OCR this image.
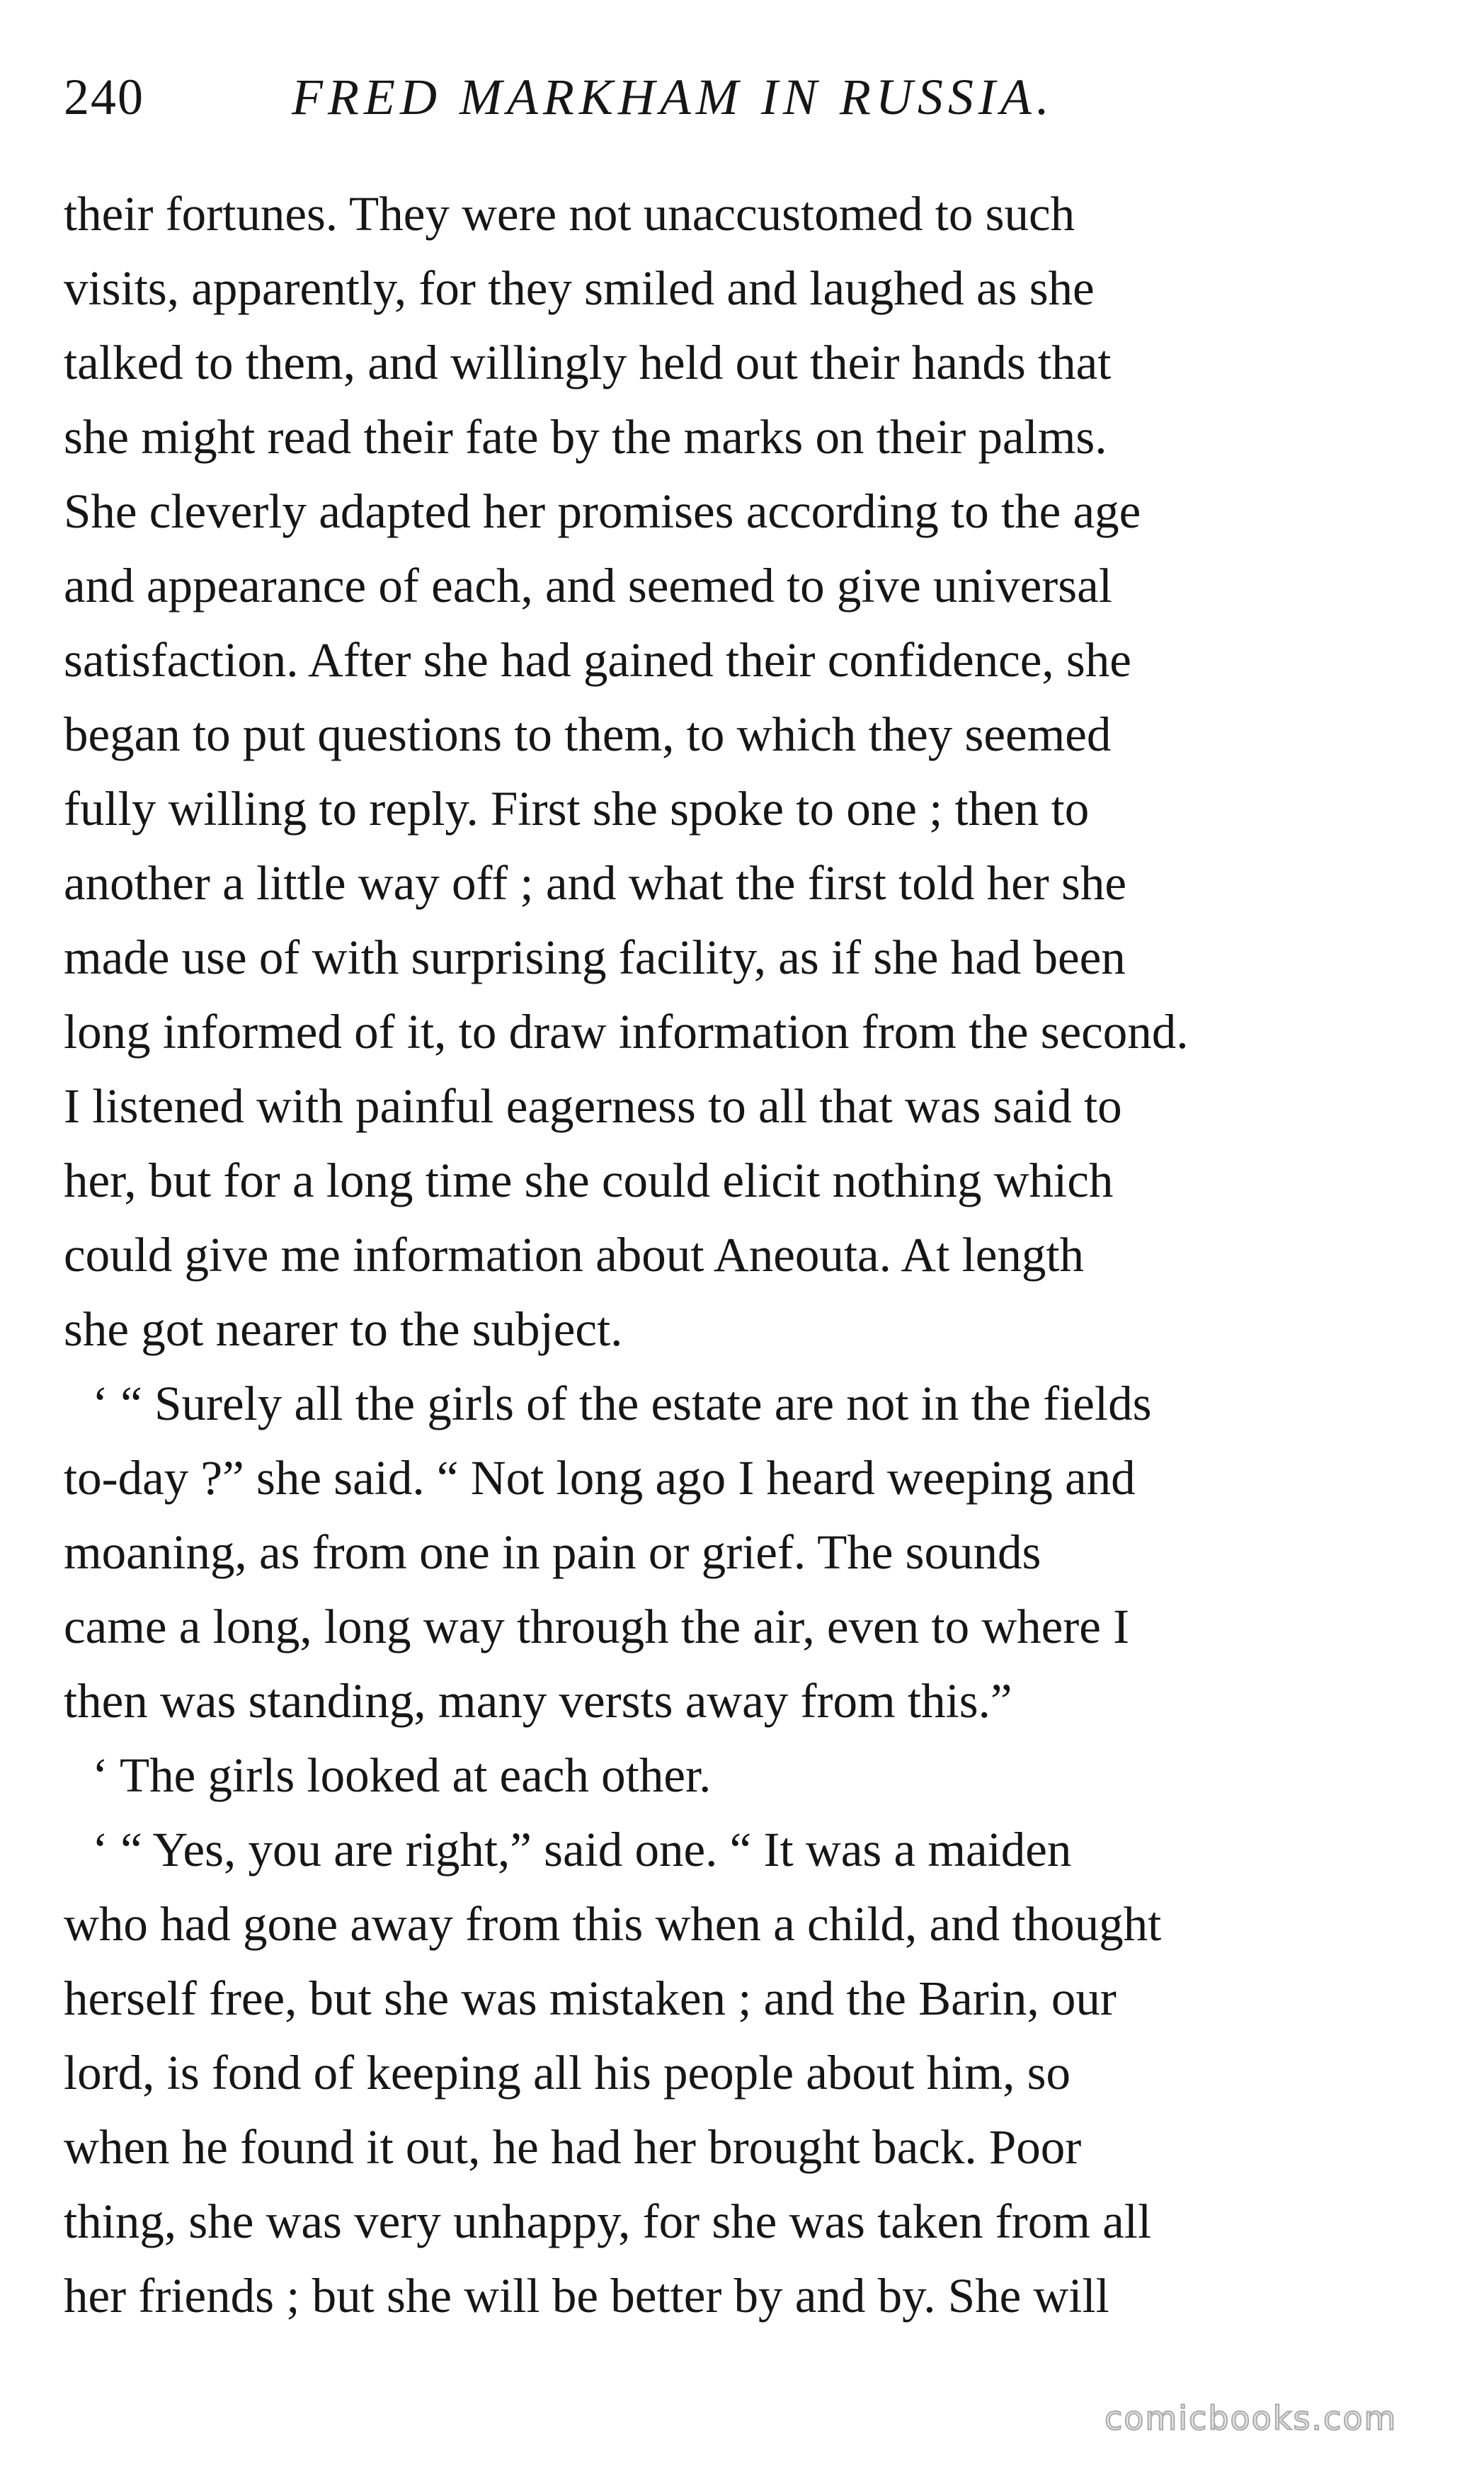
240	FRED MARKHAM IN RUSSIA.
their fortunes. They were not unaccustomed to such
visits, apparently, for they smiled and laughed as she
talked to them, and willingly held out their hands that
she might read their fate by the marks on their palms.
She cleverly adapted her promises according to the age
and appearance of each, and seemed to give universal
satisfaction. After she had gained their confidence, she
began to put questions to them, to which they seemed
fully willing to reply. First she spoke to one ; then to
another a little way off ; and what the first told her she
made use of with surprising facility, as if she had been
long informed of it, to draw information from the second.
I listened with painful eagerness to all that was said to
her, but for a long time she could elicit nothing which
could give me information about Aneouta. At length
she got nearer to the subject.
‘ “ Surely all the girls of the estate are not in the fields
to-day ?” she said. “ Not long ago I heard weeping and
moaning, as from one in pain or grief. The sounds
came a long, long way through the air, even to where I
then was standing, many versts away from this.”
‘ The girls looked at each other.
‘ “ Yes, you are right,” said one. “ It was a maiden
who had gone away from this when a child, and thought
herself free, but she was mistaken ; and the Barin, our
lord, is fond of keeping all his people about him, so
when he found it out, he had her brought back. Poor
thing, she was very unhappy, for she was taken from all
her friends ; but she will be better by and by. She will
comicbooks.com
